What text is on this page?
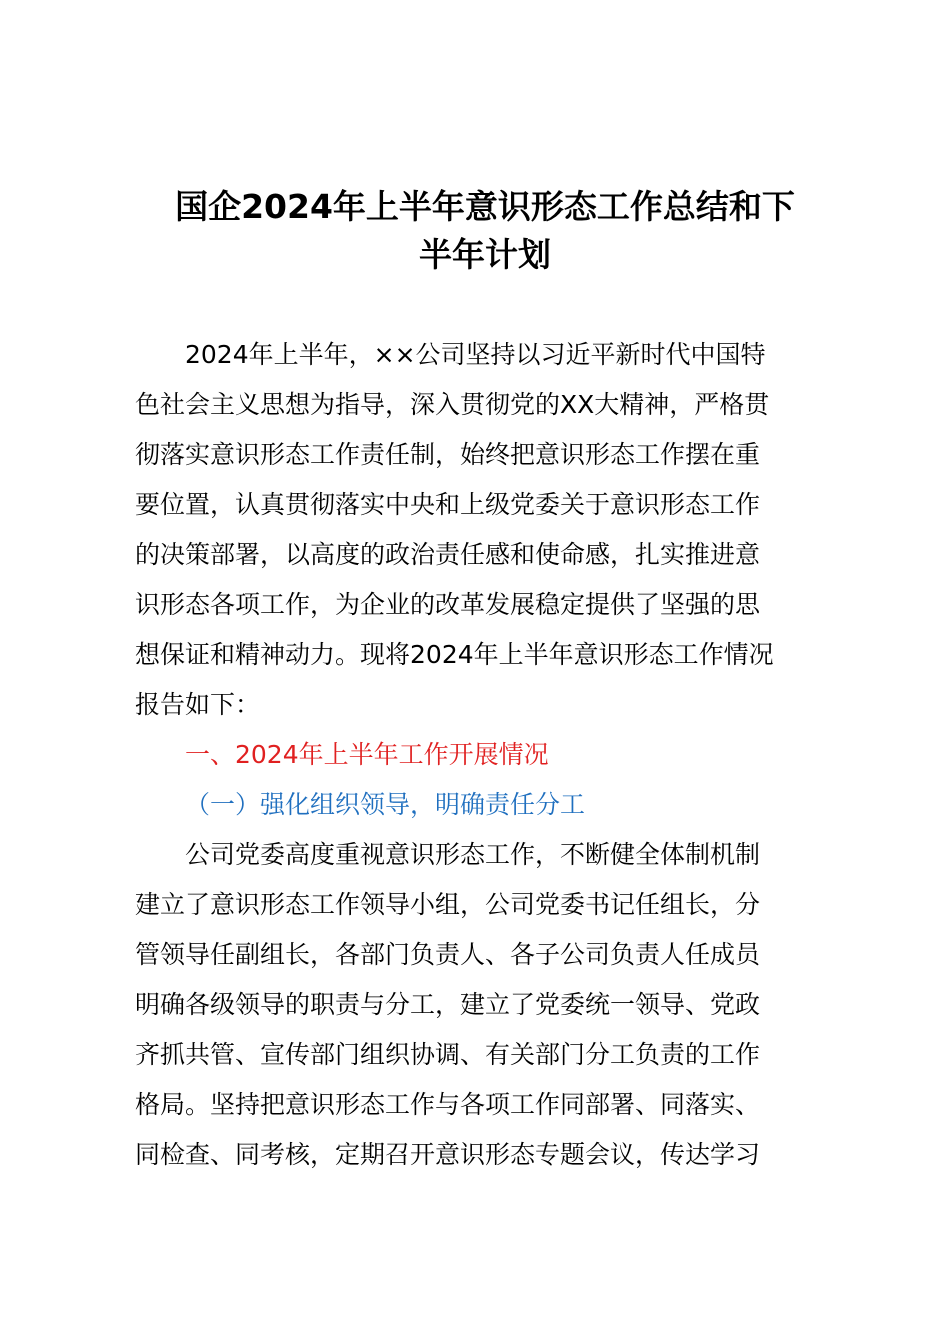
国企2024年上半年意识形态工作总结和下
半年计划

2024年上半年，××公司坚持以习近平新时代中国特

色社会主义思想为指导，深入贯彻党的XX大精神，严格贯

彻落实意识形态工作责任制，始终把意识形态工作摆在重

要位置，认真贯彻落实中央和上级党委关于意识形态工作

的决策部署，以高度的政治责任感和使命感，扎实推进意

识形态各项工作，为企业的改革发展稳定提供了坚强的思

想保证和精神动力。现将2024年上半年意识形态工作情况

报告如下：

一、2024年上半年工作开展情况

（一）强化组织领导，明确责任分工

公司党委高度重视意识形态工作，不断健全体制机制

建立了意识形态工作领导小组，公司党委书记任组长，分

管领导任副组长，各部门负责人、各子公司负责人任成员

明确各级领导的职责与分工，建立了党委统一领导、党政

齐抓共管、宣传部门组织协调、有关部门分工负责的工作

格局。坚持把意识形态工作与各项工作同部署、同落实、

同检查、同考核，定期召开意识形态专题会议，传达学习
